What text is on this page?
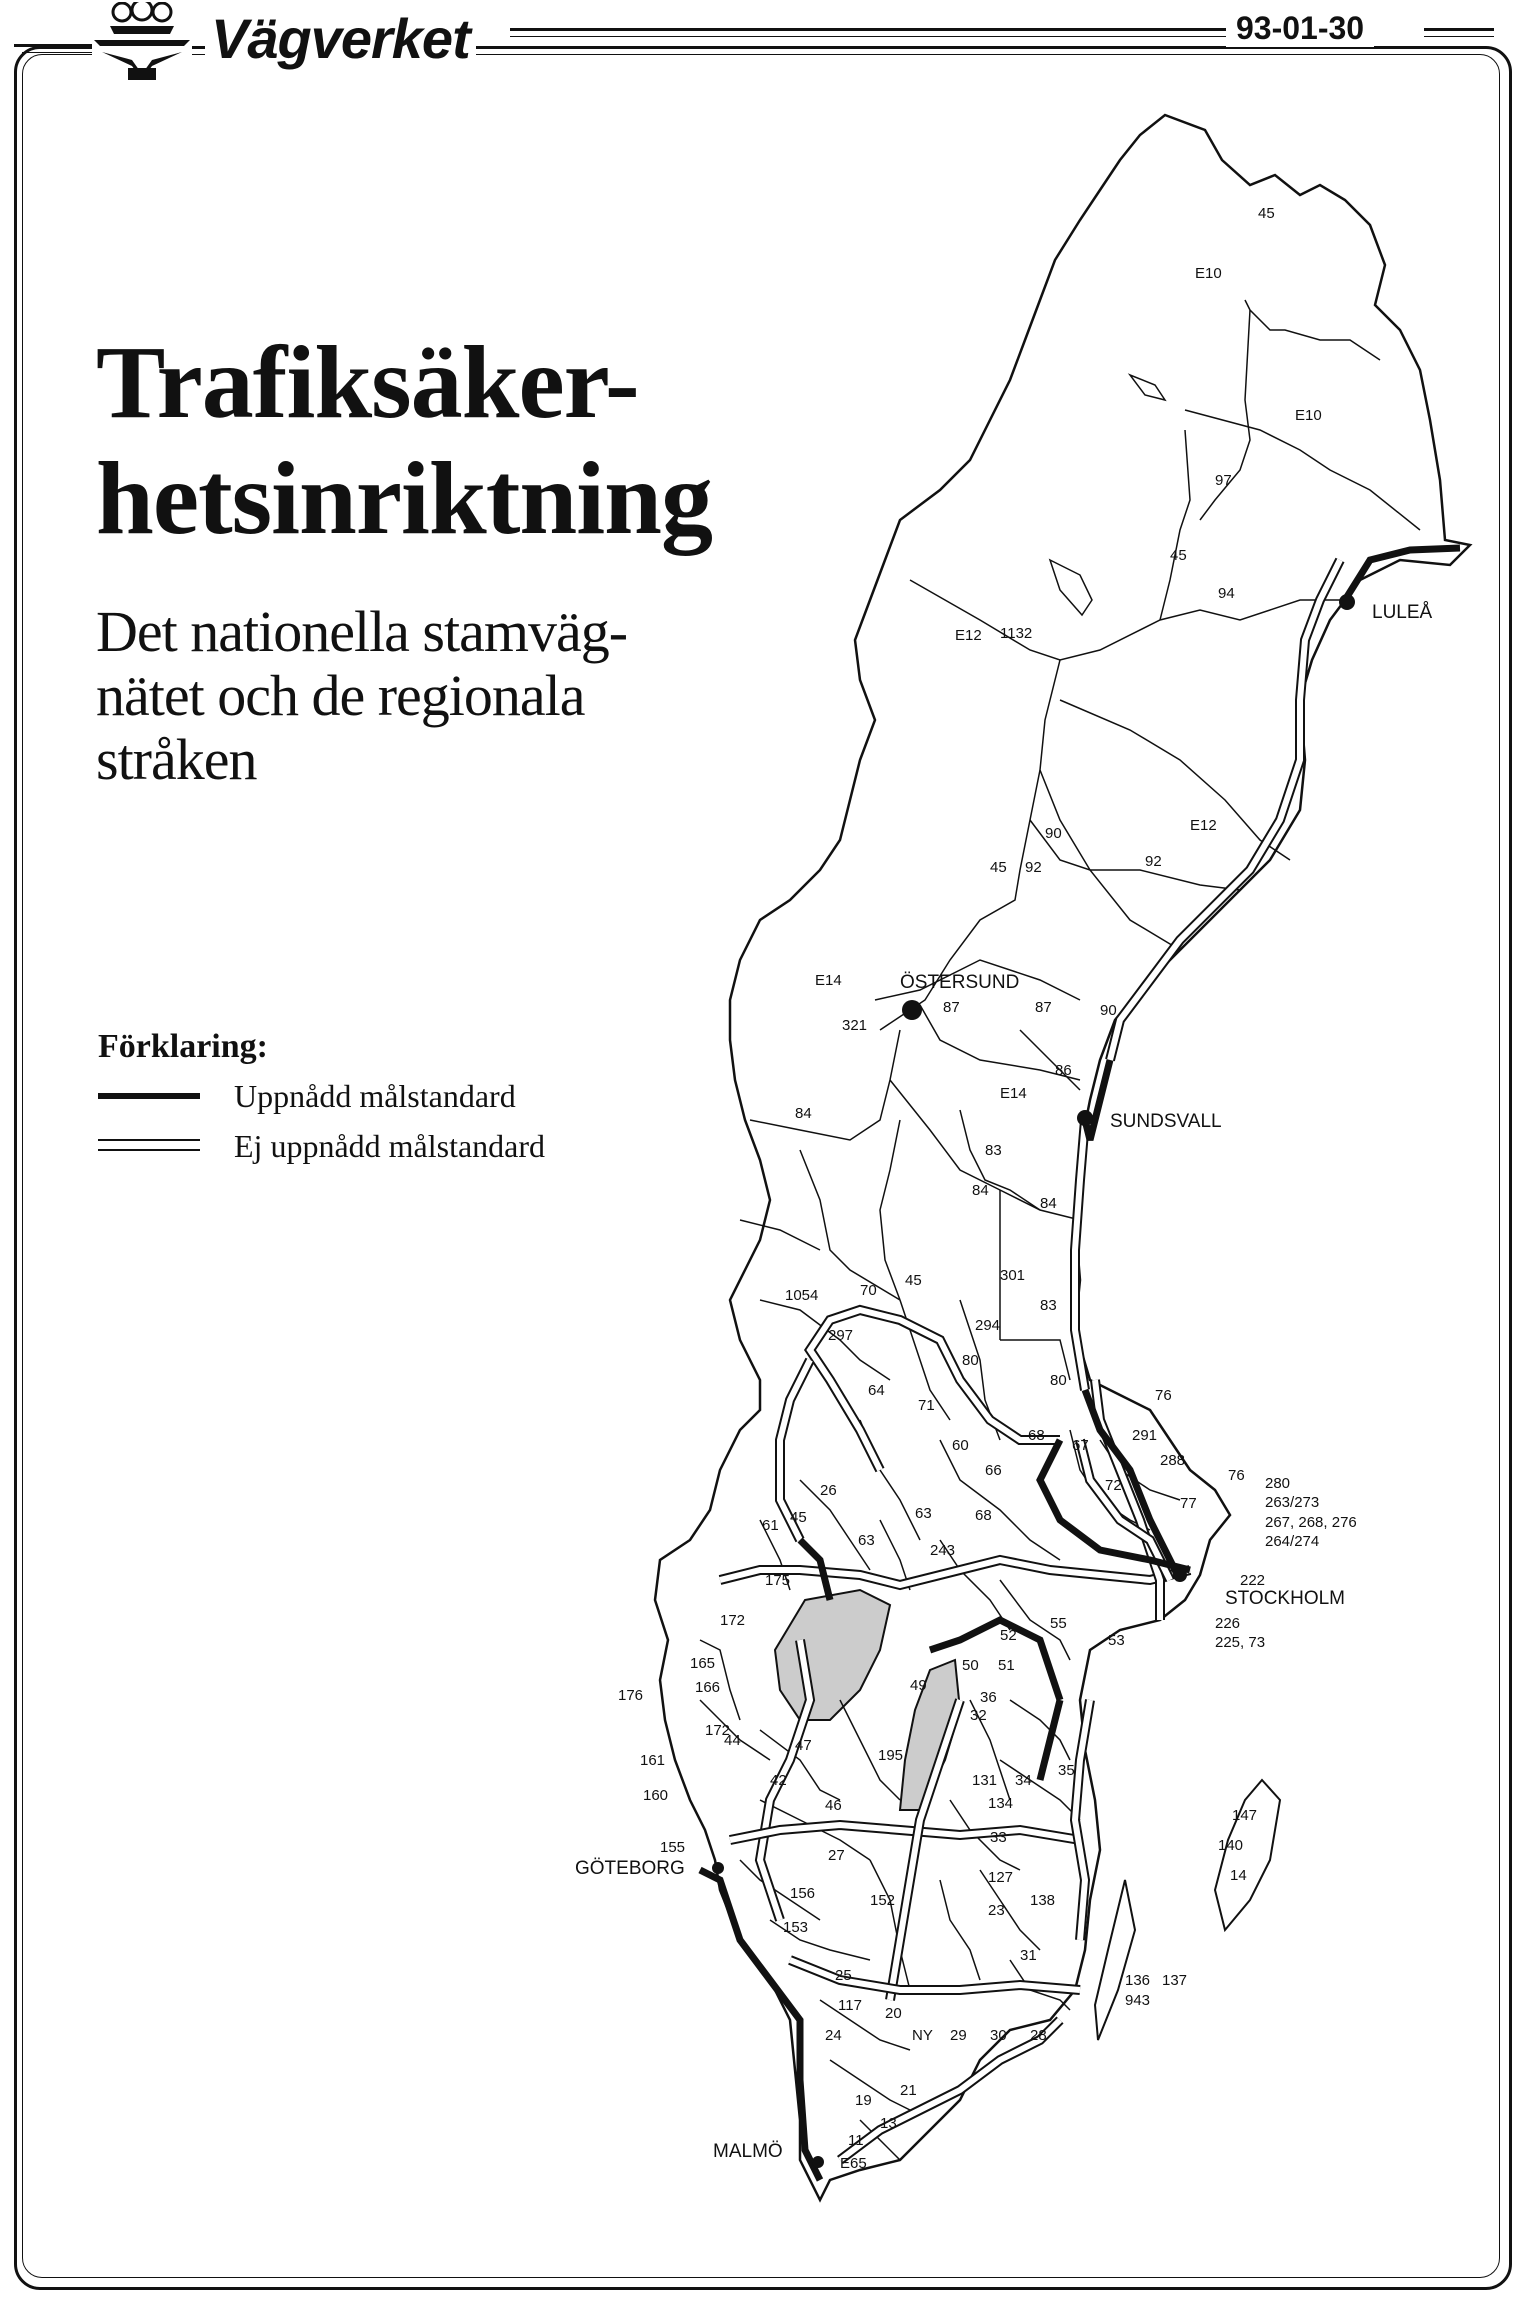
Vägverket	93-01-30
Trafiksäker-
hetsinriktning
Det nationella stamväg-
nätet och de regionala
stråken
Förklaring:
Uppnådd målstandard
Ej uppnådd målstandard
LULEÅ
ÖSTERSUND
SUNDSVALL
STOCKHOLM
GÖTEBORG
MALMÖ
E10
45
E10
97
45
94
E12 1132
E12
90
92	92
45
E14
87	87	90
321
86
E14
84
83
84
84
1054	70
45	301
83
297
294
64
80
80
71
76
291
288
76
68
67
60
66
72
77
26
45
61
63	68
63
243
175
172
165
166
172
176
52
55
53
50 51
49
36
44	47
42
46
195
32
131
134
34
35
161
160
155
156
27
33
127
153
152
31
23
138
25
117 20
24	29 30 28
NY
21
19
13
11
E65
136 137
943
147
140
14
280
263/273
267, 268, 276
264/274
222
226
225, 73
